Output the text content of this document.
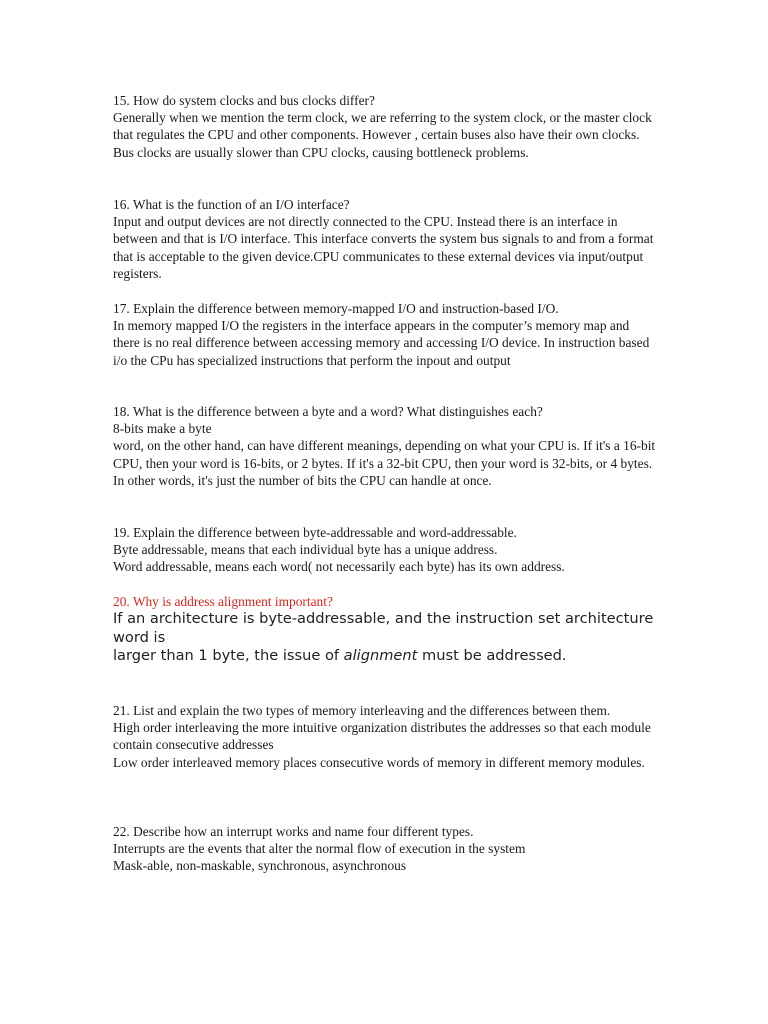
15. How do system clocks and bus clocks differ?

Generally when we mention the term clock, we are referring to the system clock, or the master clock that regulates the CPU and other components. However , certain buses also have their own clocks. Bus clocks are usually slower than CPU clocks, causing bottleneck problems.

16. What is the function of an I/O interface?

Input and output devices are not directly connected to the CPU. Instead there is an interface in between and that is I/O interface. This interface converts the system bus signals to and from a format that is acceptable to the given device.CPU communicates to these external devices via input/output registers.

17. Explain the difference between memory-mapped I/O and instruction-based I/O.

In memory mapped I/O the registers in the interface appears in the computer’s memory map and there is no real difference between accessing memory and accessing I/O device. In instruction based i/o the CPu has specialized instructions that perform the inpout and output

18. What is the difference between a byte and a word? What distinguishes each?

8-bits make a byte

word, on the other hand, can have different meanings, depending on what your CPU is. If it's a 16-bit CPU, then your word is 16-bits, or 2 bytes. If it's a 32-bit CPU, then your word is 32-bits, or 4 bytes. In other words, it's just the number of bits the CPU can handle at once.

19. Explain the difference between byte-addressable and word-addressable.

Byte addressable, means that each individual byte has a unique address.

Word addressable, means each word( not necessarily each byte) has its own address.

20. Why is address alignment important?

If an architecture is byte-addressable, and the instruction set architecture word is

larger than 1 byte, the issue of alignment must be addressed.

21. List and explain the two types of memory interleaving and the differences between them.

High order interleaving the more intuitive organization distributes the addresses so that each module contain consecutive addresses

Low order interleaved memory places consecutive words of memory in different memory modules.

22. Describe how an interrupt works and name four different types.

Interrupts are the events that alter the normal flow of execution in the system

Mask-able, non-maskable, synchronous, asynchronous
